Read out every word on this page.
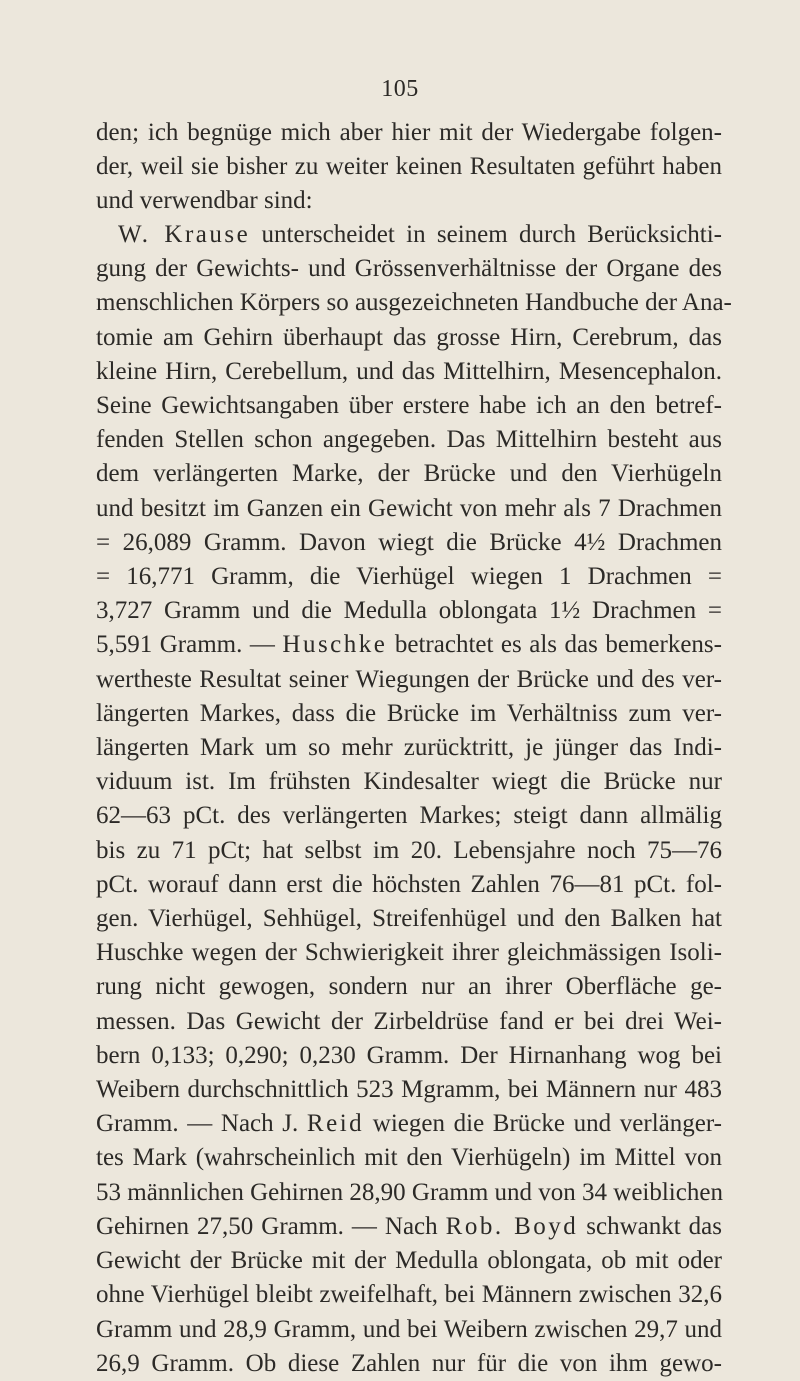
105
den; ich begnüge mich aber hier mit der Wiedergabe folgen-
der, weil sie bisher zu weiter keinen Resultaten geführt haben
und verwendbar sind:
W. Krause unterscheidet in seinem durch Berücksichti-
gung der Gewichts- und Grössenverhältnisse der Organe des
menschlichen Körpers so ausgezeichneten Handbuche der Ana-
tomie am Gehirn überhaupt das grosse Hirn, Cerebrum, das
kleine Hirn, Cerebellum, und das Mittelhirn, Mesencephalon.
Seine Gewichtsangaben über erstere habe ich an den betref-
fenden Stellen schon angegeben. Das Mittelhirn besteht aus
dem verlängerten Marke, der Brücke und den Vierhügeln
und besitzt im Ganzen ein Gewicht von mehr als 7 Drachmen
= 26,089 Gramm. Davon wiegt die Brücke 4½ Drachmen
= 16,771 Gramm, die Vierhügel wiegen 1 Drachmen =
3,727 Gramm und die Medulla oblongata 1½ Drachmen =
5,591 Gramm. — Huschke betrachtet es als das bemerkens-
wertheste Resultat seiner Wiegungen der Brücke und des ver-
längerten Markes, dass die Brücke im Verhältniss zum ver-
längerten Mark um so mehr zurücktritt, je jünger das Indi-
viduum ist. Im frühsten Kindesalter wiegt die Brücke nur
62—63 pCt. des verlängerten Markes; steigt dann allmälig
bis zu 71 pCt; hat selbst im 20. Lebensjahre noch 75—76
pCt. worauf dann erst die höchsten Zahlen 76—81 pCt. fol-
gen. Vierhügel, Sehhügel, Streifenhügel und den Balken hat
Huschke wegen der Schwierigkeit ihrer gleichmässigen Isoli-
rung nicht gewogen, sondern nur an ihrer Oberfläche ge-
messen. Das Gewicht der Zirbeldrüse fand er bei drei Wei-
bern 0,133; 0,290; 0,230 Gramm. Der Hirnanhang wog bei
Weibern durchschnittlich 523 Mgramm, bei Männern nur 483
Gramm. — Nach J. Reid wiegen die Brücke und verlänger-
tes Mark (wahrscheinlich mit den Vierhügeln) im Mittel von
53 männlichen Gehirnen 28,90 Gramm und von 34 weiblichen
Gehirnen 27,50 Gramm. — Nach Rob. Boyd schwankt das
Gewicht der Brücke mit der Medulla oblongata, ob mit oder
ohne Vierhügel bleibt zweifelhaft, bei Männern zwischen 32,6
Gramm und 28,9 Gramm, und bei Weibern zwischen 29,7 und
26,9 Gramm. Ob diese Zahlen nur für die von ihm gewo-
